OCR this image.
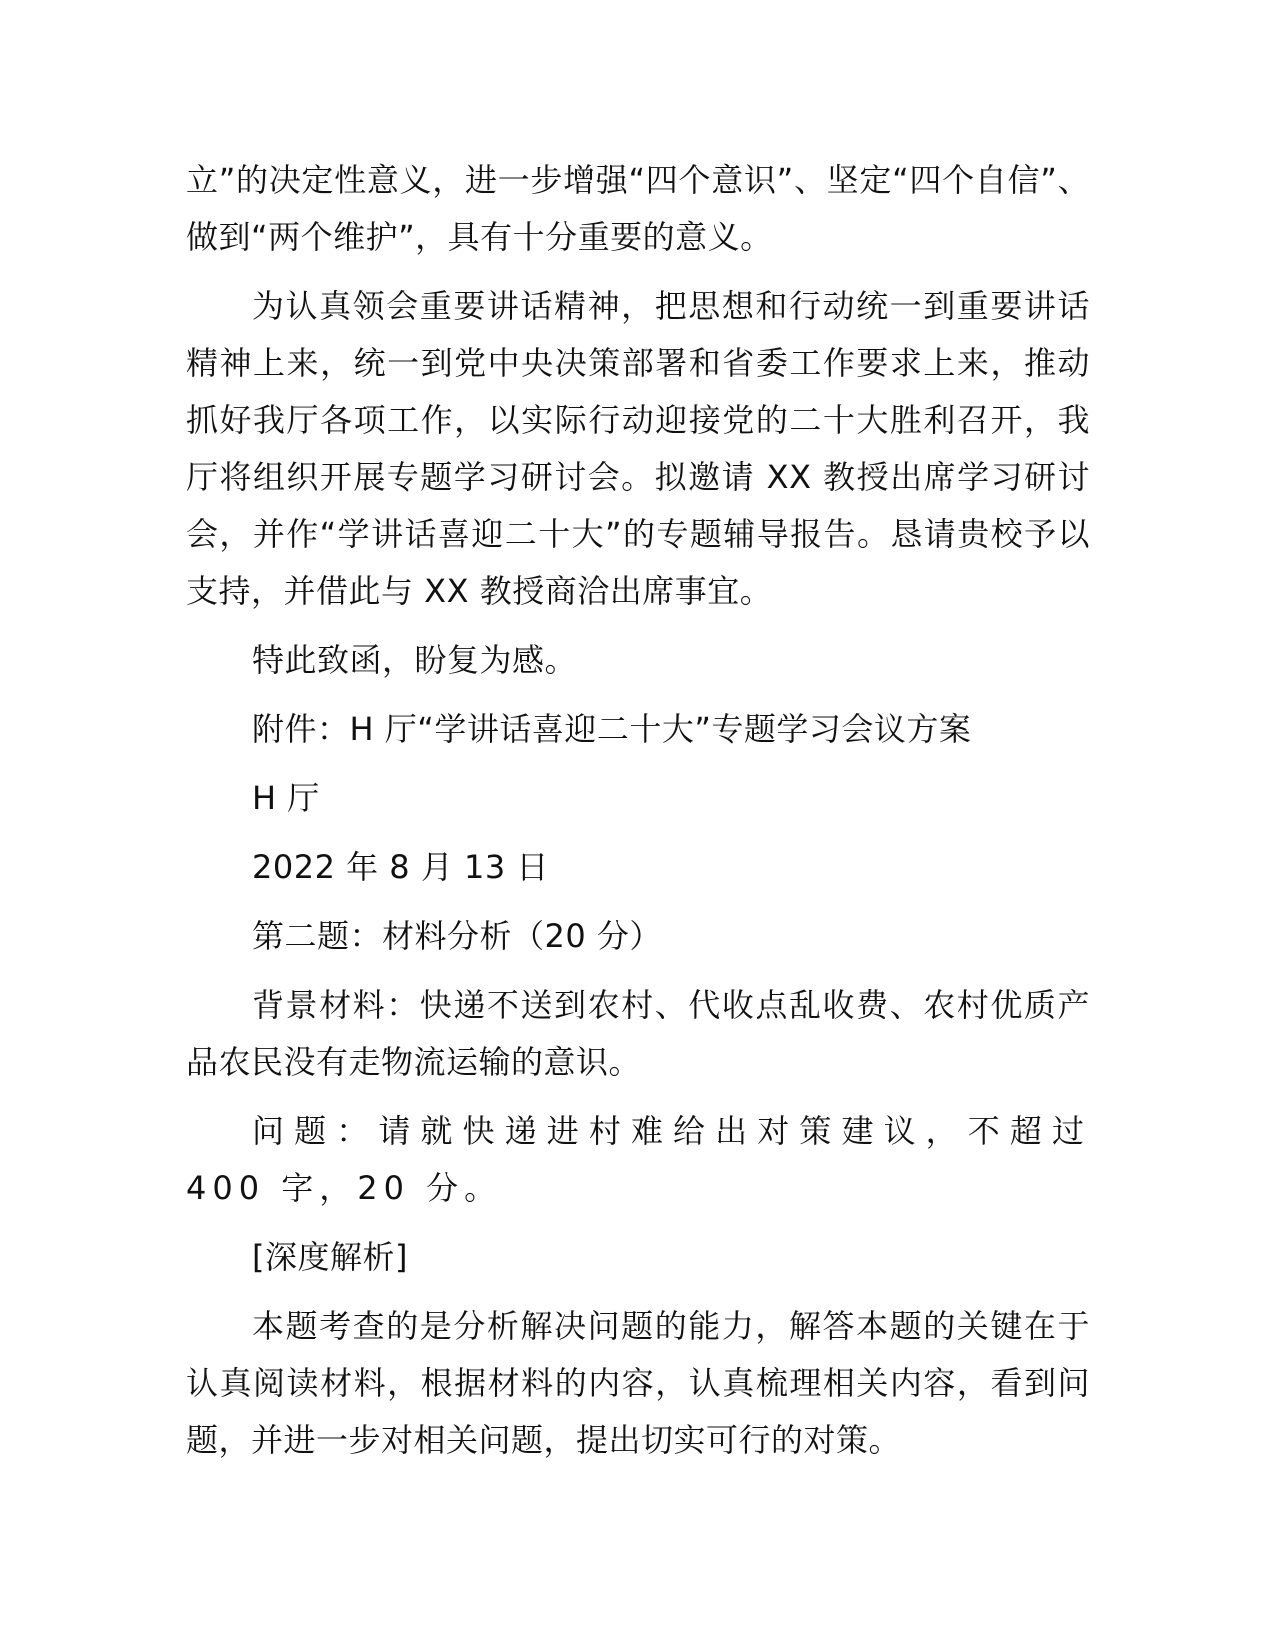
立”的决定性意义，进一步增强“四个意识”、坚定“四个自信”、做到“两个维护”，具有十分重要的意义。

为认真领会重要讲话精神，把思想和行动统一到重要讲话精神上来，统一到党中央决策部署和省委工作要求上来，推动抓好我厅各项工作，以实际行动迎接党的二十大胜利召开，我厅将组织开展专题学习研讨会。拟邀请 XX 教授出席学习研讨会，并作“学讲话喜迎二十大”的专题辅导报告。恳请贵校予以支持，并借此与 XX 教授商洽出席事宜。

特此致函，盼复为感。

附件：H 厅“学讲话喜迎二十大”专题学习会议方案

H 厅

2022 年 8 月 13 日

第二题：材料分析（20 分）

背景材料：快递不送到农村、代收点乱收费、农村优质产品农民没有走物流运输的意识。

问题：请就快递进村难给出对策建议，不超过 400 字，20 分。

[深度解析]

本题考查的是分析解决问题的能力，解答本题的关键在于认真阅读材料，根据材料的内容，认真梳理相关内容，看到问题，并进一步对相关问题，提出切实可行的对策。
